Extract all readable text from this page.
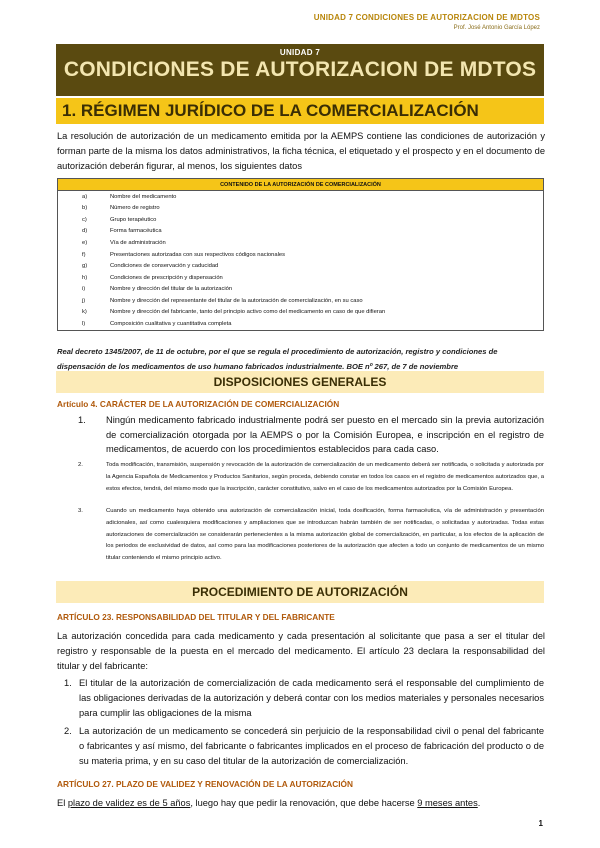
UNIDAD 7 CONDICIONES DE AUTORIZACION DE MDTOS
Prof. José Antonio García López
UNIDAD 7
CONDICIONES DE AUTORIZACION DE MDTOS
1. RÉGIMEN JURÍDICO DE LA COMERCIALIZACIÓN
La resolución de autorización de un medicamento emitida por la AEMPS contiene las condiciones de autorización y forman parte de la misma los datos administrativos, la ficha técnica, el etiquetado y el prospecto y en el documento de autorización deberán figurar, al menos, los siguientes datos
CONTENIDO DE LA AUTORIZACIÓN DE COMERCIALIZACIÓN	
a)	Nombre del medicamento
b)	Número de registro
c)	Grupo terapéutico
d)	Forma farmacéutica
e)	Vía de administración
f)	Presentaciones autorizadas con sus respectivos códigos nacionales
g)	Condiciones de conservación y caducidad
h)	Condiciones de prescripción y dispensación
i)	Nombre y dirección del titular de la autorización
j)	Nombre y dirección del representante del titular de la autorización de comercialización, en su caso
k)	Nombre y dirección del fabricante, tanto del principio activo como del medicamento en caso de que difieran
l)	Composición cualitativa y cuantitativa completa
Real decreto 1345/2007, de 11 de octubre, por el que se regula el procedimiento de autorización, registro y condiciones de dispensación de los medicamentos de uso humano fabricados industrialmente. BOE nº 267, de 7 de noviembre
DISPOSICIONES GENERALES
Artículo 4. CARÁCTER DE LA AUTORIZACIÓN DE COMERCIALIZACIÓN
1. Ningún medicamento fabricado industrialmente podrá ser puesto en el mercado sin la previa autorización de comercialización otorgada por la AEMPS o por la Comisión Europea, e inscripción en el registro de medicamentos, de acuerdo con los procedimientos establecidos para cada caso.
2.	Toda modificación, transmisión, suspensión y revocación de la autorización de comercialización de un medicamento deberá ser notificada, o solicitada y autorizada por la Agencia Española de Medicamentos y Productos Sanitarios, según proceda, debiendo constar en todos los casos en el registro de medicamentos autorizados que, a estos efectos, tendrá, del mismo modo que la inscripción, carácter constitutivo, salvo en el caso de los medicamentos autorizados por la Comisión Europea.
3.	Cuando un medicamento haya obtenido una autorización de comercialización inicial, toda dosificación, forma farmacéutica, vía de administración y presentación adicionales, así como cualesquiera modificaciones y ampliaciones que se introduzcan habrán también de ser notificadas, o solicitadas y autorizadas. Todas estas autorizaciones de comercialización se considerarán pertenecientes a la misma autorización global de comercialización, en particular, a los efectos de la aplicación de los periodos de exclusividad de datos, así como para las modificaciones posteriores de la autorización que afecten a todo un conjunto de medicamentos de un mismo titular conteniendo el mismo principio activo.
PROCEDIMIENTO DE AUTORIZACIÓN
ARTÍCULO 23. RESPONSABILIDAD DEL TITULAR Y DEL FABRICANTE
La autorización concedida para cada medicamento y cada presentación al solicitante que pasa a ser el titular del registro y responsable de la puesta en el mercado del medicamento. El artículo 23 declara la responsabilidad del titular y del fabricante:
1. El titular de la autorización de comercialización de cada medicamento será el responsable del cumplimiento de las obligaciones derivadas de la autorización y deberá contar con los medios materiales y personales necesarios para cumplir las obligaciones de la misma
2. La autorización de un medicamento se concederá sin perjuicio de la responsabilidad civil o penal del fabricante o fabricantes y así mismo, del fabricante o fabricantes implicados en el proceso de fabricación del producto o de su materia prima, y en su caso del titular de la autorización de comercialización.
ARTÍCULO 27. PLAZO DE VALIDEZ Y RENOVACIÓN DE LA AUTORIZACIÓN
El plazo de validez es de 5 años, luego hay que pedir la renovación, que debe hacerse 9 meses antes.
1
